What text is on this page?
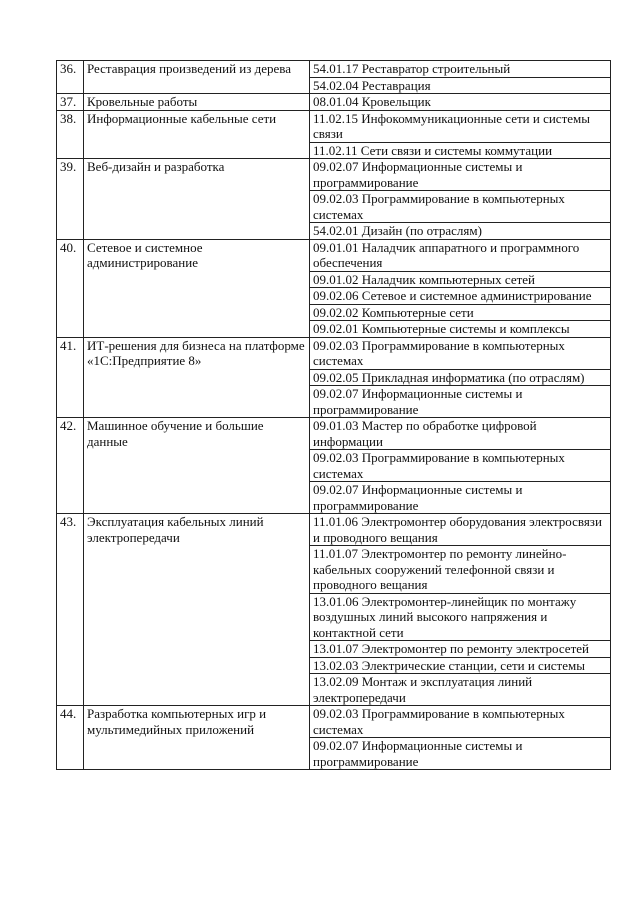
36.	Реставрация произведений из дерева	54.01.17 Реставратор строительный
		54.02.04 Реставрация
37.	Кровельные работы	08.01.04 Кровельщик
38.	Информационные кабельные сети	11.02.15 Инфокоммуникационные сети и системы связи
		11.02.11 Сети связи и системы коммутации
39.	Веб-дизайн и разработка	09.02.07 Информационные системы и программирование
		09.02.03 Программирование в компьютерных системах
		54.02.01 Дизайн (по отраслям)
40.	Сетевое и системное администрирование	09.01.01 Наладчик аппаратного и программного обеспечения
		09.01.02 Наладчик компьютерных сетей
		09.02.06 Сетевое и системное администрирование
		09.02.02 Компьютерные сети
		09.02.01 Компьютерные системы и комплексы
41.	ИТ-решения для бизнеса на платформе «1С:Предприятие 8»	09.02.03 Программирование в компьютерных системах
		09.02.05 Прикладная информатика (по отраслям)
		09.02.07 Информационные системы и программирование
42.	Машинное обучение и большие данные	09.01.03 Мастер по обработке цифровой информации
		09.02.03 Программирование в компьютерных системах
		09.02.07 Информационные системы и программирование
43.	Эксплуатация кабельных линий электропередачи	11.01.06 Электромонтер оборудования электросвязи и проводного вещания
		11.01.07 Электромонтер по ремонту линейно-кабельных сооружений телефонной связи и проводного вещания
		13.01.06 Электромонтер-линейщик по монтажу воздушных линий высокого напряжения и контактной сети
		13.01.07 Электромонтер по ремонту электросетей
		13.02.03 Электрические станции, сети и системы
		13.02.09 Монтаж и эксплуатация линий электропередачи
44.	Разработка компьютерных игр и мультимедийных приложений	09.02.03 Программирование в компьютерных системах
		09.02.07 Информационные системы и программирование
